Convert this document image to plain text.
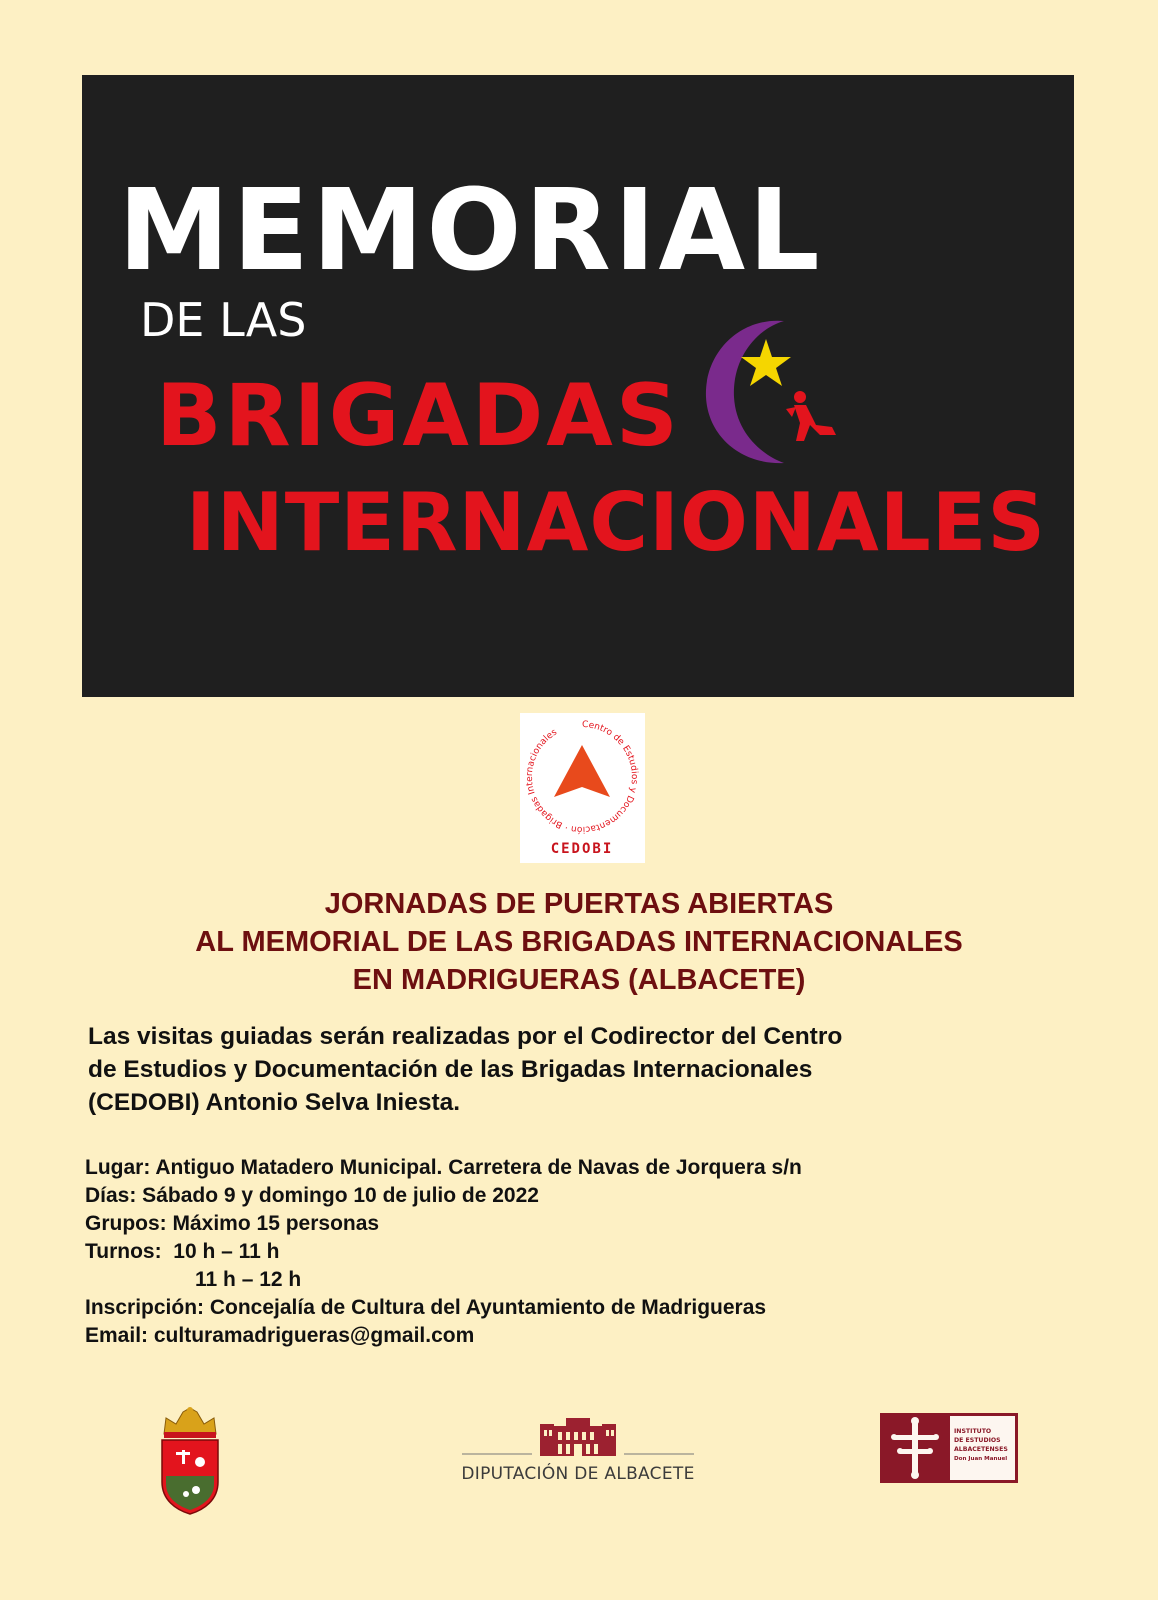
MEMORIAL
DE LAS
BRIGADAS
INTERNACIONALES
Centro de Estudios y Documentación · Brigadas Internacionales
CEDOBI
JORNADAS DE PUERTAS ABIERTAS
AL MEMORIAL DE LAS BRIGADAS INTERNACIONALES
EN MADRIGUERAS (ALBACETE)
Las visitas guiadas serán realizadas por el Codirector del Centro
de Estudios y Documentación de las Brigadas Internacionales
(CEDOBI) Antonio Selva Iniesta.
Lugar: Antiguo Matadero Municipal. Carretera de Navas de Jorquera s/n
Días: Sábado 9 y domingo 10 de julio de 2022
Grupos: Máximo 15 personas
Turnos:  10 h – 11 h
11 h – 12 h
Inscripción: Concejalía de Cultura del Ayuntamiento de Madrigueras
Email: culturamadrigueras@gmail.com
DIPUTACIÓN DE ALBACETE
INSTITUTO
DE ESTUDIOS
ALBACETENSES
Don Juan Manuel
